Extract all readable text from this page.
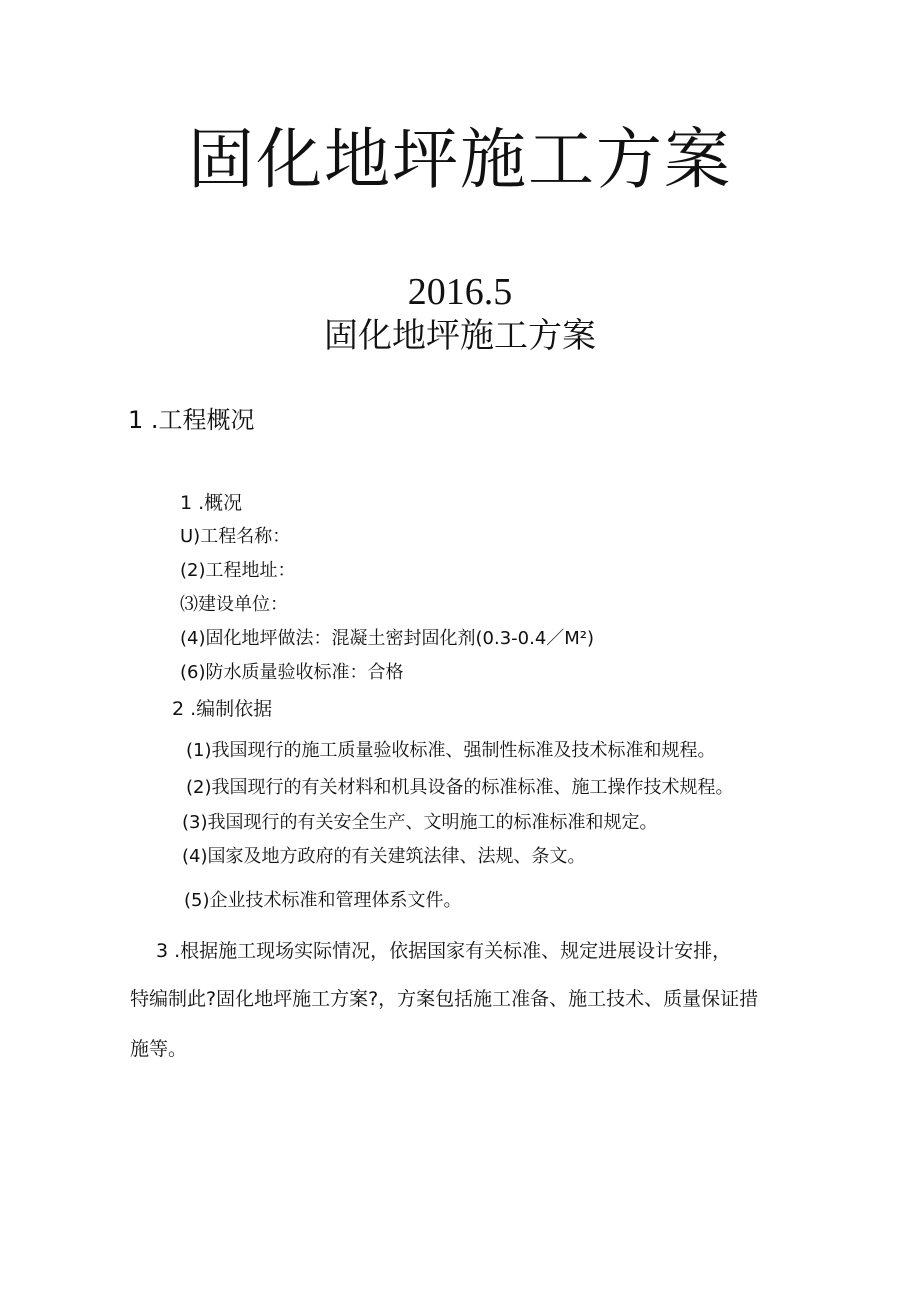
固化地坪施工方案
2016.5
固化地坪施工方案
1 .工程概况
1 .概况
U)工程名称：
(2)工程地址：
⑶建设单位：
(4)固化地坪做法：混凝土密封固化剂(0.3-0.4／M²)
(6)防水质量验收标准：合格
2 .编制依据
(1)我国现行的施工质量验收标准、强制性标准及技术标准和规程。
(2)我国现行的有关材料和机具设备的标准标准、施工操作技术规程。
(3)我国现行的有关安全生产、文明施工的标准标准和规定。
(4)国家及地方政府的有关建筑法律、法规、条文。
(5)企业技术标准和管理体系文件。
3 .根据施工现场实际情况，依据国家有关标准、规定进展设计安排，
特编制此?固化地坪施工方案?，方案包括施工准备、施工技术、质量保证措
施等。
